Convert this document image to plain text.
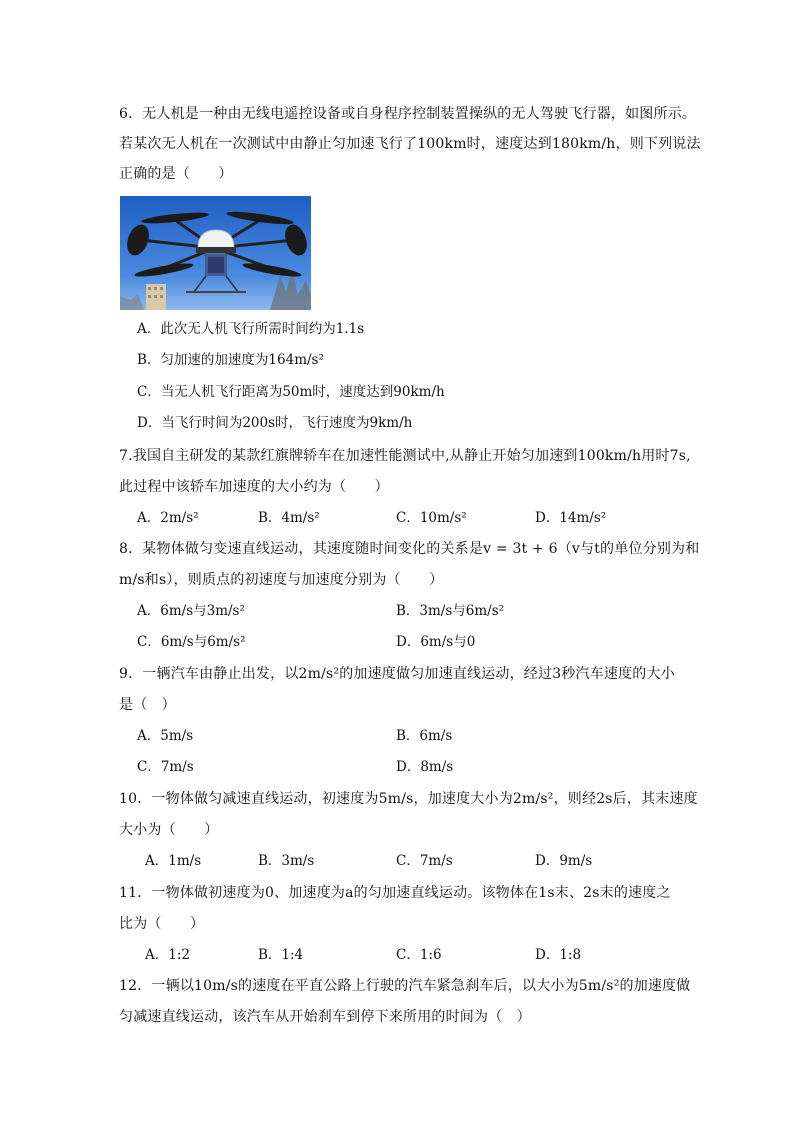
6．无人机是一种由无线电遥控设备或自身程序控制装置操纵的无人驾驶飞行器，如图所示。
若某次无人机在一次测试中由静止匀加速飞行了100km时，速度达到180km/h，则下列说法
正确的是（　　）
A．此次无人机飞行所需时间约为1.1s
B．匀加速的加速度为164m/s²
C．当无人机飞行距离为50m时，速度达到90km/h
D．当飞行时间为200s时，飞行速度为9km/h
7.我国自主研发的某款红旗牌轿车在加速性能测试中,从静止开始匀加速到100km/h用时7s,
此过程中该轿车加速度的大小约为（　　）
A．2m/s²	B．4m/s²	C．10m/s²	D．14m/s²
8．某物体做匀变速直线运动，其速度随时间变化的关系是v = 3t + 6（v与t的单位分别为和
m/s和s），则质点的初速度与加速度分别为（　　）
A．6m/s与3m/s²	B．3m/s与6m/s²
C．6m/s与6m/s²	D．6m/s与0
9．一辆汽车由静止出发，以2m/s²的加速度做匀加速直线运动，经过3秒汽车速度的大小
是（　）
A．5m/s	B．6m/s
C．7m/s	D．8m/s
10．一物体做匀减速直线运动，初速度为5m/s，加速度大小为2m/s²，则经2s后，其末速度
大小为（　　）
A．1m/s	B．3m/s	C．7m/s	D．9m/s
11．一物体做初速度为0、加速度为a的匀加速直线运动。该物体在1s末、2s末的速度之
比为（　　）
A．1:2	B．1:4	C．1:6	D．1:8
12．一辆以10m/s的速度在平直公路上行驶的汽车紧急刹车后，以大小为5m/s²的加速度做
匀减速直线运动，该汽车从开始刹车到停下来所用的时间为（　）
